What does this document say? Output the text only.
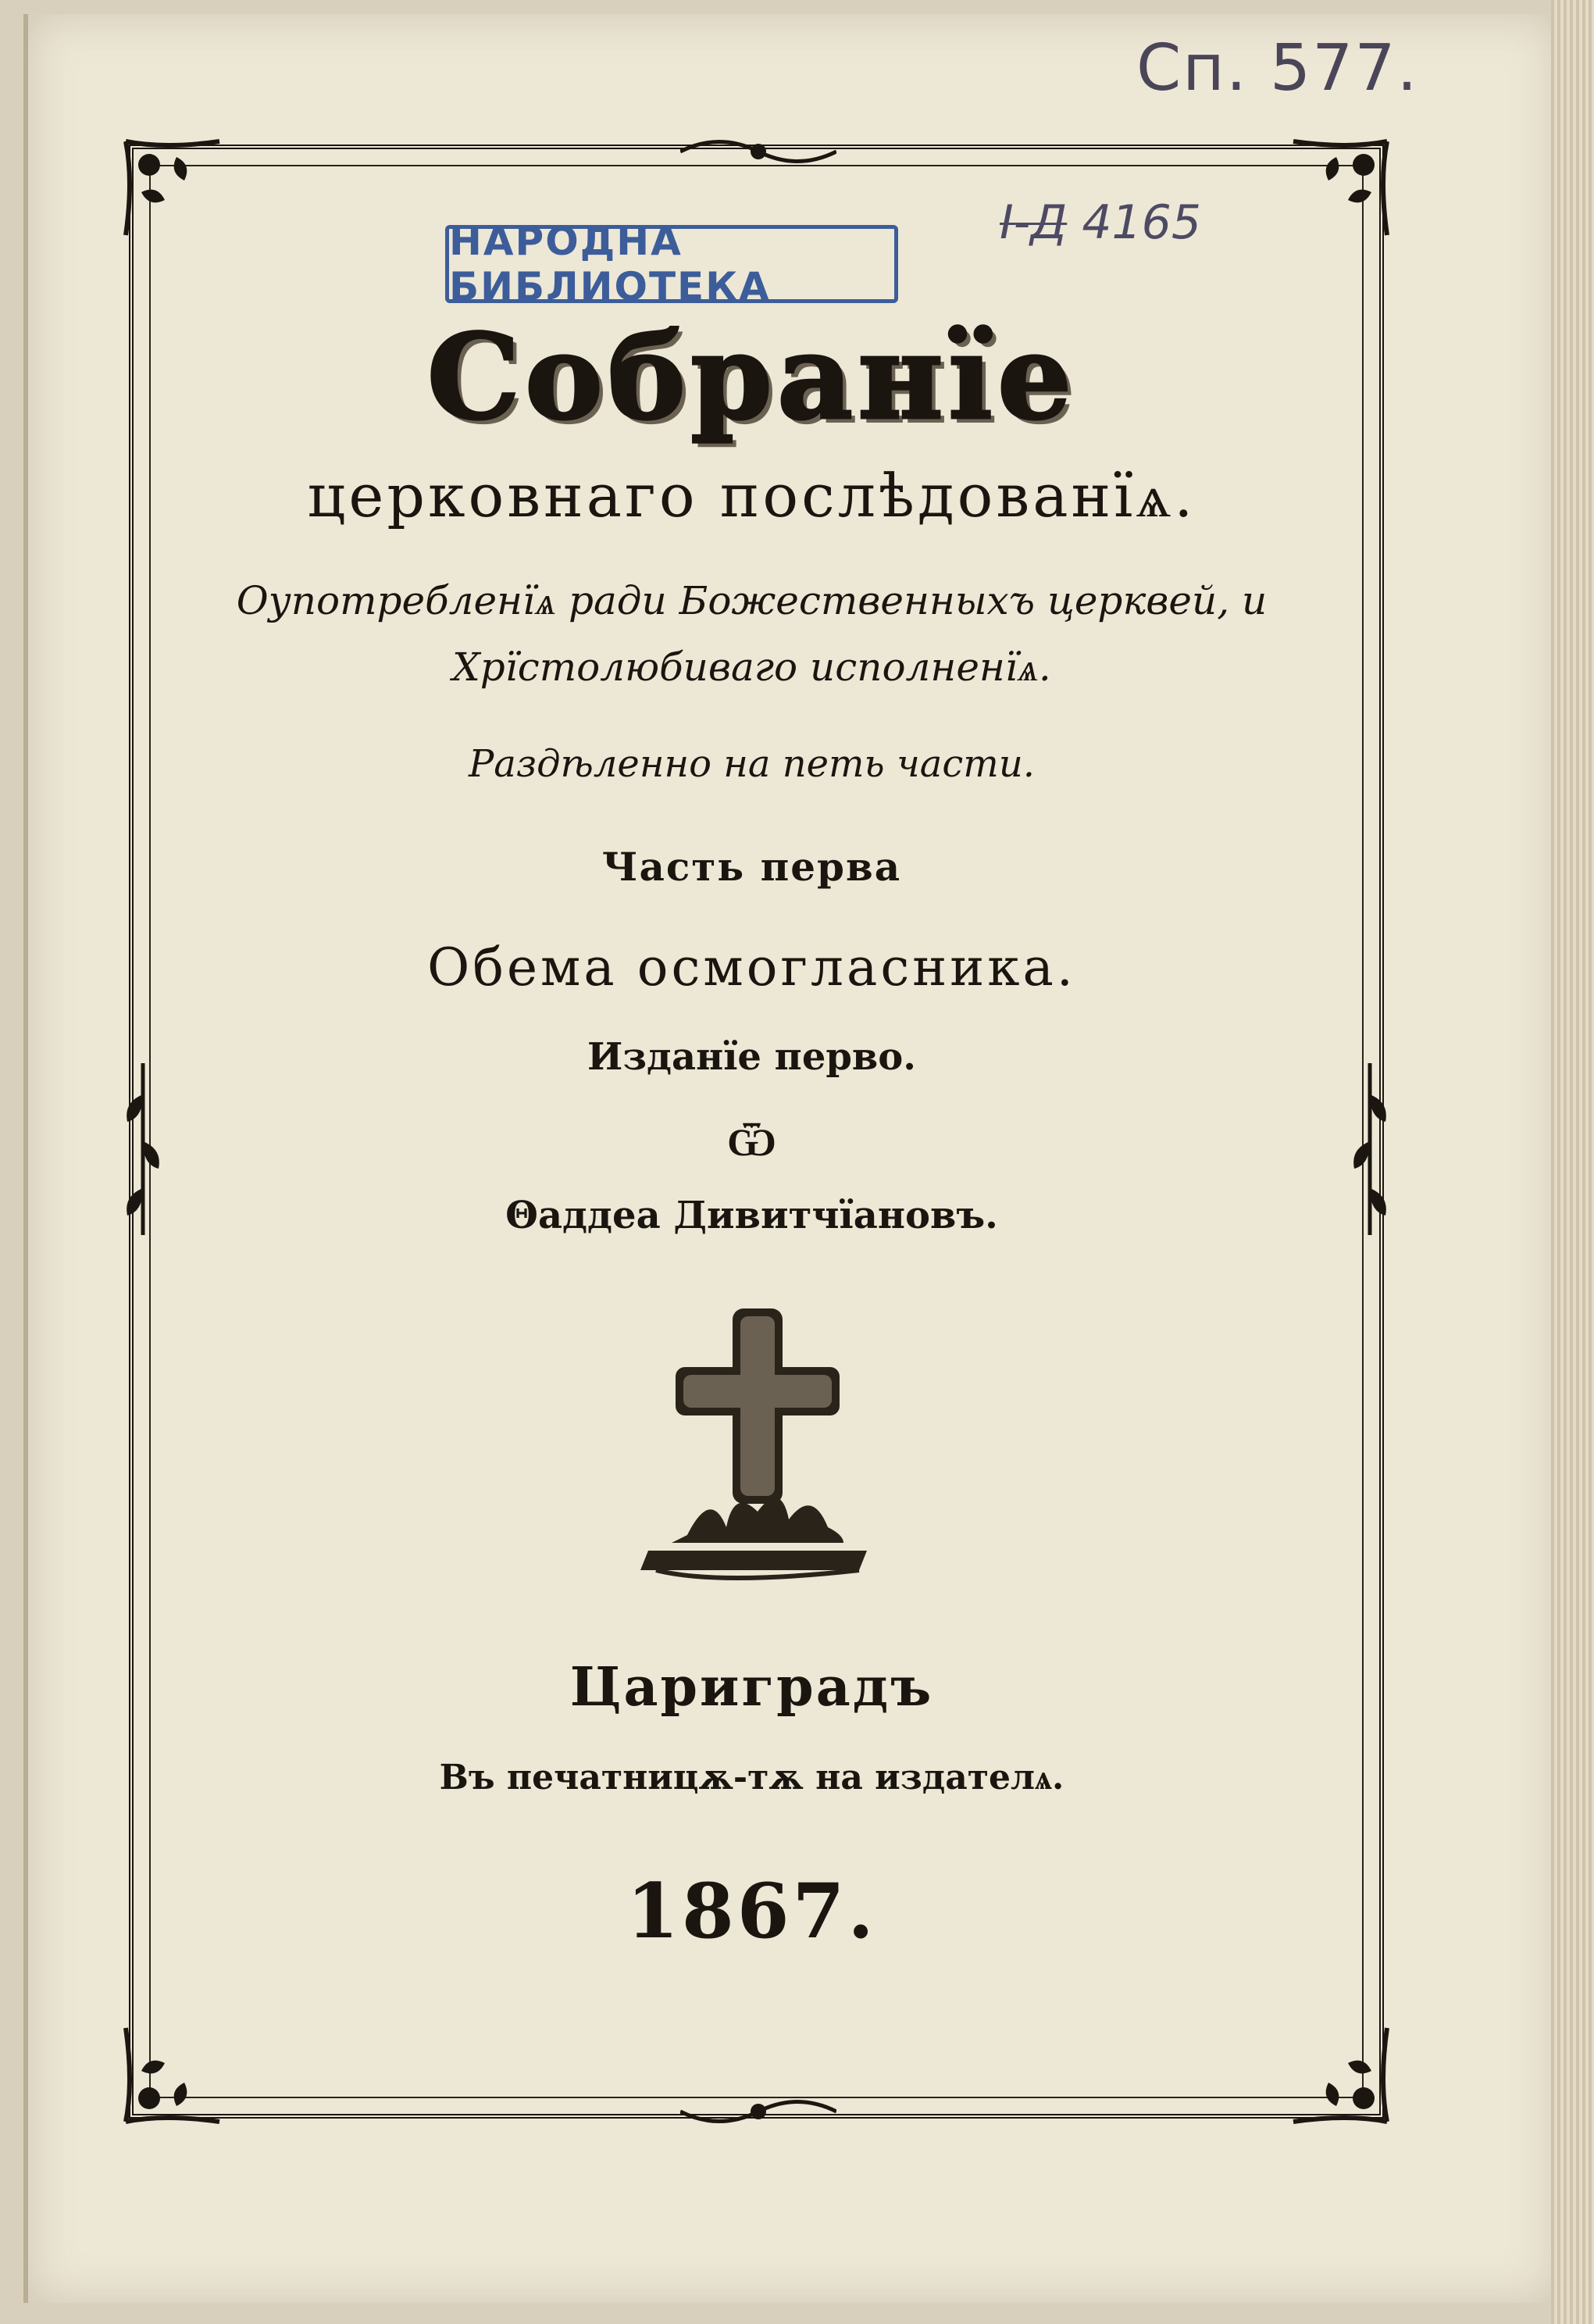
Сп. 577.
I-Д 4165
НАРОДНА БИБЛИОТЕКА
Собранїе
церковнаго послѣдованїѧ.
Оупотребленїѧ ради Божественныхъ церквей, и
Хрїстолюбиваго исполненїѧ.
Раздѣленно на петь части.
Часть перва
Обема осмогласника.
Изданїе перво.
Ѿ
Θаддеа Дивитчїановъ.
Цариградъ
Въ печатницѫ-тѫ на издателѧ.
1867.
